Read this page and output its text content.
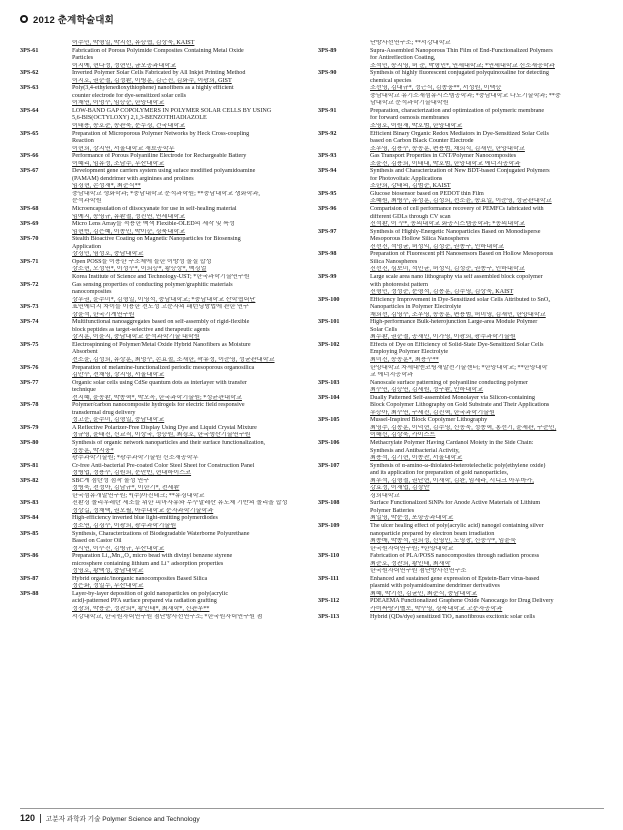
2012 춘계학술대회
이주민, 박형일, 박지선, 유승협, 김상욱, KAIST
3PS-61	Fabrication of Porous Polyimide Composites Containing Metal Oxide
Particles
이지예, 현다정, 정현민, 금오공과대학교
3PS-62	Inverted Polymer Solar Cells Fabricated by All Inkjet Printing Method
이지호, 권순철, 김정환, 이병훈, 김근진, 김화주, 이광희, GIST
3PS-63	Poly(3,4-ethylenedioxythiophene) nanofibers as a highly efficient
counter electrode for dye-sensitized solar cells
이채연, 이명수, 임승순, 한양대학교
3PS-64	LOW-BAND GAP COPOLYMERS IN POLYMER SOLAR CELLS BY USING
5,6-BIS(OCTYLOXY) 2,1,3-BENZOTHIADIAZOLE
이태용, 송호준, 송관욱, 문두경, 건국대학교
3PS-65	Preparation of Microporous Polymer Networks by Heck Cross-coupling
Reaction
이현희, 장지연, 서울대학교 재료공학부
3PS-66	Performance of Porous Polyaniline Electrode for Rechargeable Battery
이혜리, 임유정, 조남주, 부산대학교
3PS-67	Development gene carriers system using suface modified polyamidoamine
(PAMAM) dendrimer with arginines and prolines
임경현, 손성재*, 최준식**
충남대학교 생화학과; *충남대학교 분석과학원; **충남대학교 생화학과,
분석과학원
3PS-68	Microencapsulation of diisocyanate for use in self-healing material
임예지, 송영규, 유환철, 정진연, 연세대학교
3PS-69	Micro Lens Array를 적용한 백색 Flexible-OLED의 제작 및 특성
임현빈, 김은혜, 이종민, 박이순, 경북대학교
3PS-70	Stealth Bioactive Coating on Magnetic Nanoparticles for Biosensing
Application
장경민, 염성호, 충남대학교
3PS-71	Open POSS를 이용한 구조체에 틀한 이방성 물질 합성
장소현, 오성연*, 이성수*, 이희승*, 황승상*, 백경열
Korea Institute of Science and Technology-UST; *한국과학기술연구원
3PS-72	Gas sensing properties of conducting polymer/graphitic materials
nanocomposites
장우권, 윤주미*, 김형일, 이영석, 충남대학교; *충남대학교 산학협력단
3PS-73	표면에너지 차이를 이용한 전도성 고분자의 패턴닝방법에 관한 연구
장윤석, 한국기계연구원
3PS-74	Multifunctional nanoaggregates based on self-assembly of rigid-flexible
block peptides as target-selective and therapeutic agents
장지훈, 이윤지, 충남대학교 분석과학기술 대학원
3PS-75	Electrospinning of Polymer/Metal Oxide Hybrid Nanofibers as Moisture
Absorbent
전소윤, 김성희, 유상훈, 최명수, 손효철, 조재한, 곽유정, 이준영, 성균관대학교
3PS-76	Preparation of melamine-functionalized periodic mesoporous organosilica
김만수, 전채영, 장지영, 서울대학교
3PS-77	Organic solar cells using CdSe quantum dots as interlayer with transfer
technique
전지혜, 윤동환, 박종혁*, 박오옥, 한국과학기술원; *성균관대학교
3PS-78	Polymer/carbon nanocomposite hydrogels for electric field responsive
transdermal drug delivery
정고운, 윤주미, 김형일, 충남대학교
3PS-79	A Reflective Polarizer-Free Display Using Dye and Liquid Crystal Mixture
정규영, 윤태진, 신교직, 이상국, 정승원, 최경호, 한국생산기술연구원
3PS-80	Synthesis of organic network nanoparticles and their surface functionalization,
정동훈, 박지웅*
광주과학기술원; *광주과학기술원 신소재공학부
3PS-81	Cr-free Anti-bacterial Pre-coated Color Steel Sheet for Construction Panel
정병엽, 정용수, 김원희, 문만빈, 현대하이스코
3PS-82	SBC계 점탄성 점착 물성 연구
정병욱, 천정아, 김남규*, 이한기*, 천세환
한국섬유개발연구원; *(주)아진테크; **유경대학교
3PS-83	친환경 폴리우레탄 제조를 위한 피마자유와 무수말레산 유도체 기반의 폴리올 합성
정상길, 정채택, 권오필, 아주대학교 분자과학기술학과
3PS-84	High-efficiency inverted blue light-emitting polymerdiodes
정소연, 김경수, 이광희, 광주과학기술원
3PS-85	Synthesis, Characterizations of Biodegradable Waterborne Polyurethane
Based on Castor Oil
정시연, 이수진, 김병규, 부산대학교
3PS-86	Preparation Li₁₂Mn₁₂O₄ micro bead with divinyl benzene styrene
microsphere containing lithium and Li⁺ adsorption properties
정영호, 황택성, 충남대학교
3PS-87	Hybrid organic/inorganic nanocomposites Based Silica
정은화, 정일두, 부산대학교
3PS-88	Layer-by-layer deposition of gold nanoparticles on poly(acrylic
acid)-patterned PFA surface prepared via radiation grafting
정창희, 박용준, 정찬희*, 황인태*, 최재학*, 신관우**
서강대학교, 한국원자력연구원 첨단방사선연구소; *한국원자력연구원 첨
단방사선연구소; **서강대학교
3PS-89	Supra-Assembled Nanoporous Thin Film of End-Functionalized Polymers
for Antireflection Coating,
조석민, 송지영, 허 준, 박형민*, 연세대학교; *연세대학교 신소재공학과
3PS-90	Synthesis of highly fluorescent conjugated polyquinoxaline for detecting
chemical species
조선영, 김대규*, 정근식, 김종웅**, 서성원, 이택승
충남대학교 유기소재섬유시스템공학과; *충남대학교 나노기술학과; **충
남대학교 분석과학기술대학원
3PS-91	Preparation, characterization and optimization of polymeric membrane
for forward osmosis membranes
조영호, 이원재, 박호범, 한양대학교
3PS-92	Efficient Binary Organic Redox Mediators in Dye-Sensitized Solar Cells
based on Carbon Black Counter Electrode
조우영, 김용수, 송동훈, 편용범, 채희식, 김재민, 한양대학교
3PS-93	Gas Transport Properties in CNT/Polymer Nanocomposites
조윤진, 김용희, 이태대, 박호범, 한양대학교 에너지공학과
3PS-94	Synthesis and Characterization of New BDT-based Conjugated Polymers
for Photovoltaic Applications
조한희, 강태의, 김범준, KAIST
3PS-95	Glucose biosensor based on PEDOT thin Film
조혜원, 최병수, 유성훈, 김성희, 전소윤, 송효일, 이준영, 성균관대학교
3PS-96	Comparision of cell performance recovery of PEMFCs fabricated with
different GDLs through CV scan
진석환, 이 수*, 동의대학교 화공시스템공학과; *동의대학교
3PS-97	Synthesis of Highly-Energetic Nanoparticles Based on Monodisperse
Mesoporous Hollow Silica Nanospheres
진선진, 석명균, 허성익, 김성준, 권종구, 인하대학교
3PS-98	Preparation of Fluorescent pH Nanosensors Based on Hollow Mesoporous
Silica Nanospheres
진선진, 심보미, 석민균, 허성익, 김성준, 권종구, 인하대학교
3PS-99	Large scale area nano lithography via self assembled block copolymer
with photoresist pattern
진형민, 정성준, 문형석, 김봉훈, 김주영, 김상욱, KAIST
3PS-100	Efficiency Improvement in Dye-Sensitized solar Cells Attributed to SnO₂
Nanoparticles in Polymer Electrolyte
채희선, 김영수, 조우영, 송동훈, 편용범, 허미영, 김재민, 한양대학교
3PS-101	High-performance Bulk-heterojunction Large-area Module Polymer
Solar Cells
최두환, 권순철, 공재민, 이가영, 이광희, 광주과학기술원
3PS-102	Effects of Dye on Efficiency of Solid-State Dye-Sensitized Solar Cells
Employing Polymer Electrolyte
최미진, 송동훈*, 최용수**
한양대학교 차세대엔코팅재발전기술센터; *한양대학교; **한양대학
교 에너지공학과
3PS-103	Nanoscale surface patterning of polyaniline conducting polymer
최수연, 김승연, 김세원, 정구환, 인하대학교
3PS-104	Dually Patterned Self-assembled Monolayer via Silicon-containing
Block Copolymer Lithography on Gold Substrate and Their Applications
우승아, 최수연, 구세진, 김진혁, 한국과학기술원
3PS-105	Mussel-Inspired Block Copolymer Lithography
최영주, 김봉훈, 이덕현, 김주영, 신동욱, 정종혁, 홍선기, 윤제관, 구준민,
이해신, 김상욱, 카이스트
3PS-106	Methacrylate Polymer Having Cardanol Moiety in the Side Chain:
Synthesis and Antibacterial Activity,
최용석, 김기현, 이종찬, 서울대학교
3PS-107	Synthesis of α-amino-ω-thiolated-heterotelechelic poly(ethylene oxide)
and its application for preparation of gold nanoparticles,
최우석, 김형철, 권난현, 이재학, 김완, 임세라, 시디크 아부바카,
강효정, 이재엽, 김장안
경희대학교
3PS-108	Surface Functionalized SiNPs for Anode Active Materials of Lithium
Polymer Batteries
최일영, 박문정, 포항공과대학교
3PS-109	The ulcer healing effect of poly(acrylic acid) nanogel containing silver
nanoparticle prepared by electron beam irradiation
최종배, 박종석, 권희정, 신영민, 노영창, 신중수*, 임윤묵
한국원자력연구원; *한양대학교
3PS-110	Fabrication of PLA/POSS nanocomposites through radiation process
최준호, 정찬희, 황인태, 최재학
한국원자력연구원 첨단방사선연구소
3PS-111	Enhanced and sustained gene expression of Epstein-Barr virus-based
plasmid with polyamidoamine dendrimer derivatives
최혜, 박기선, 김균민, 최준식, 충남대학교
3PS-112	PDEAEMA Functionalized Graphene Oxide Nanocargo for Drug Delivery
카비싸랑키벨로, 박수영, 경북대학교 고분자공학과
3PS-113	Hybrid (QDs/dye) sensitized TiO₂ nanofibrous excitonic solar cells
120 고분자 과학과 기술 Polymer Science and Technology
